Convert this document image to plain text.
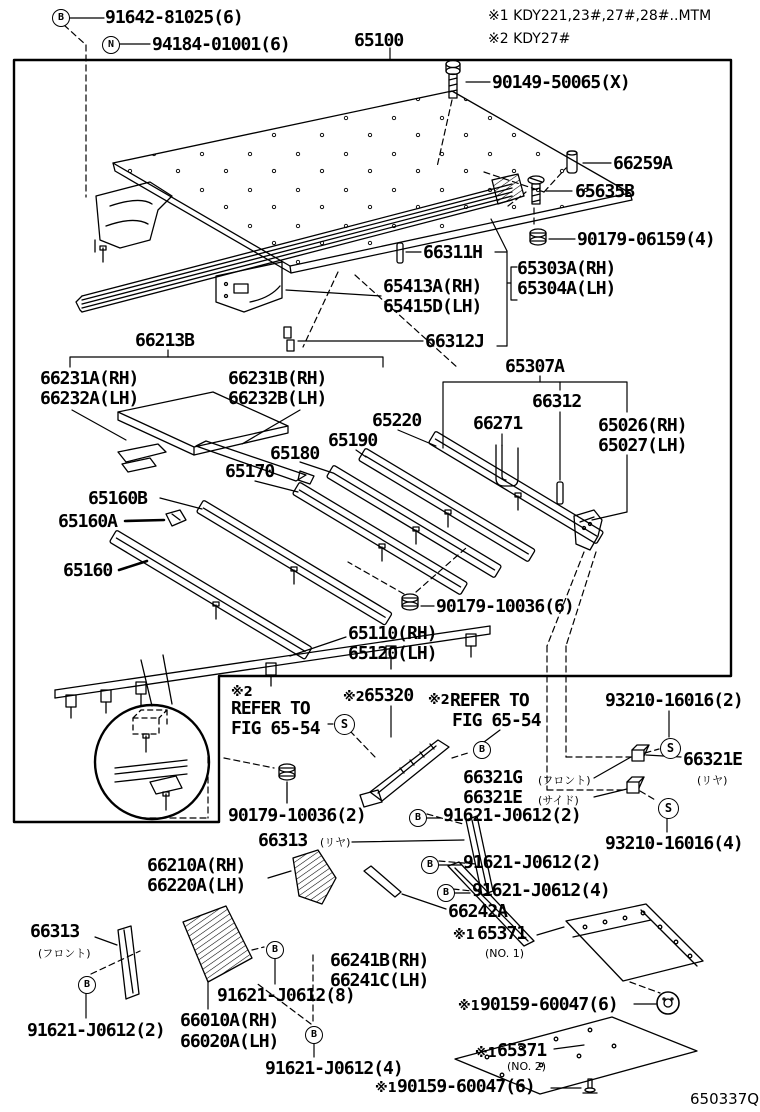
91642-81025(6)
94184-01001(6)	65100
※1 KDY221,23#,27#,28#..MTM
※2 KDY27#
90149-50065(X)
66259A
65635B
90179-06159(4)
65303A(RH)
65304A(LH)
66311H
65413A(RH)
65415D(LH)
66213B	66312J
65307A
66231A(RH)
66232A(LH)
66231B(RH)
66232B(LH)	66312
65220	66271	65026(RH)
65027(LH)
65190
65180
65170
65160B
65160A
65160
90179-10036(6)
65110(RH)
65120(LH)
※2
REFER TO
FIG 65-54
※2 65320 ※2 REFER TO
FIG 65-54
93210-16016(2)
66321E
(リヤ)
66321G (フロント)
66321E (サイド)
90179-10036(2)	91621-J0612(2)
66313 (リヤ)	93210-16016(4)
91621-J0612(2)
66210A(RH)
66220A(LH)	91621-J0612(4)
66242A
66313
(フロント)
※1 65371
(NO. 1)
66241B(RH)
66241C(LH)
91621-J0612(8)
※1 90159-60047(6)
91621-J0612(2) 66010A(RH)
66020A(LH)
91621-J0612(4)
※1 65371
(NO. 2)
※1 90159-60047(6)
650337Q
B
N
S
B	S
S
B
B
B
B
B
B
